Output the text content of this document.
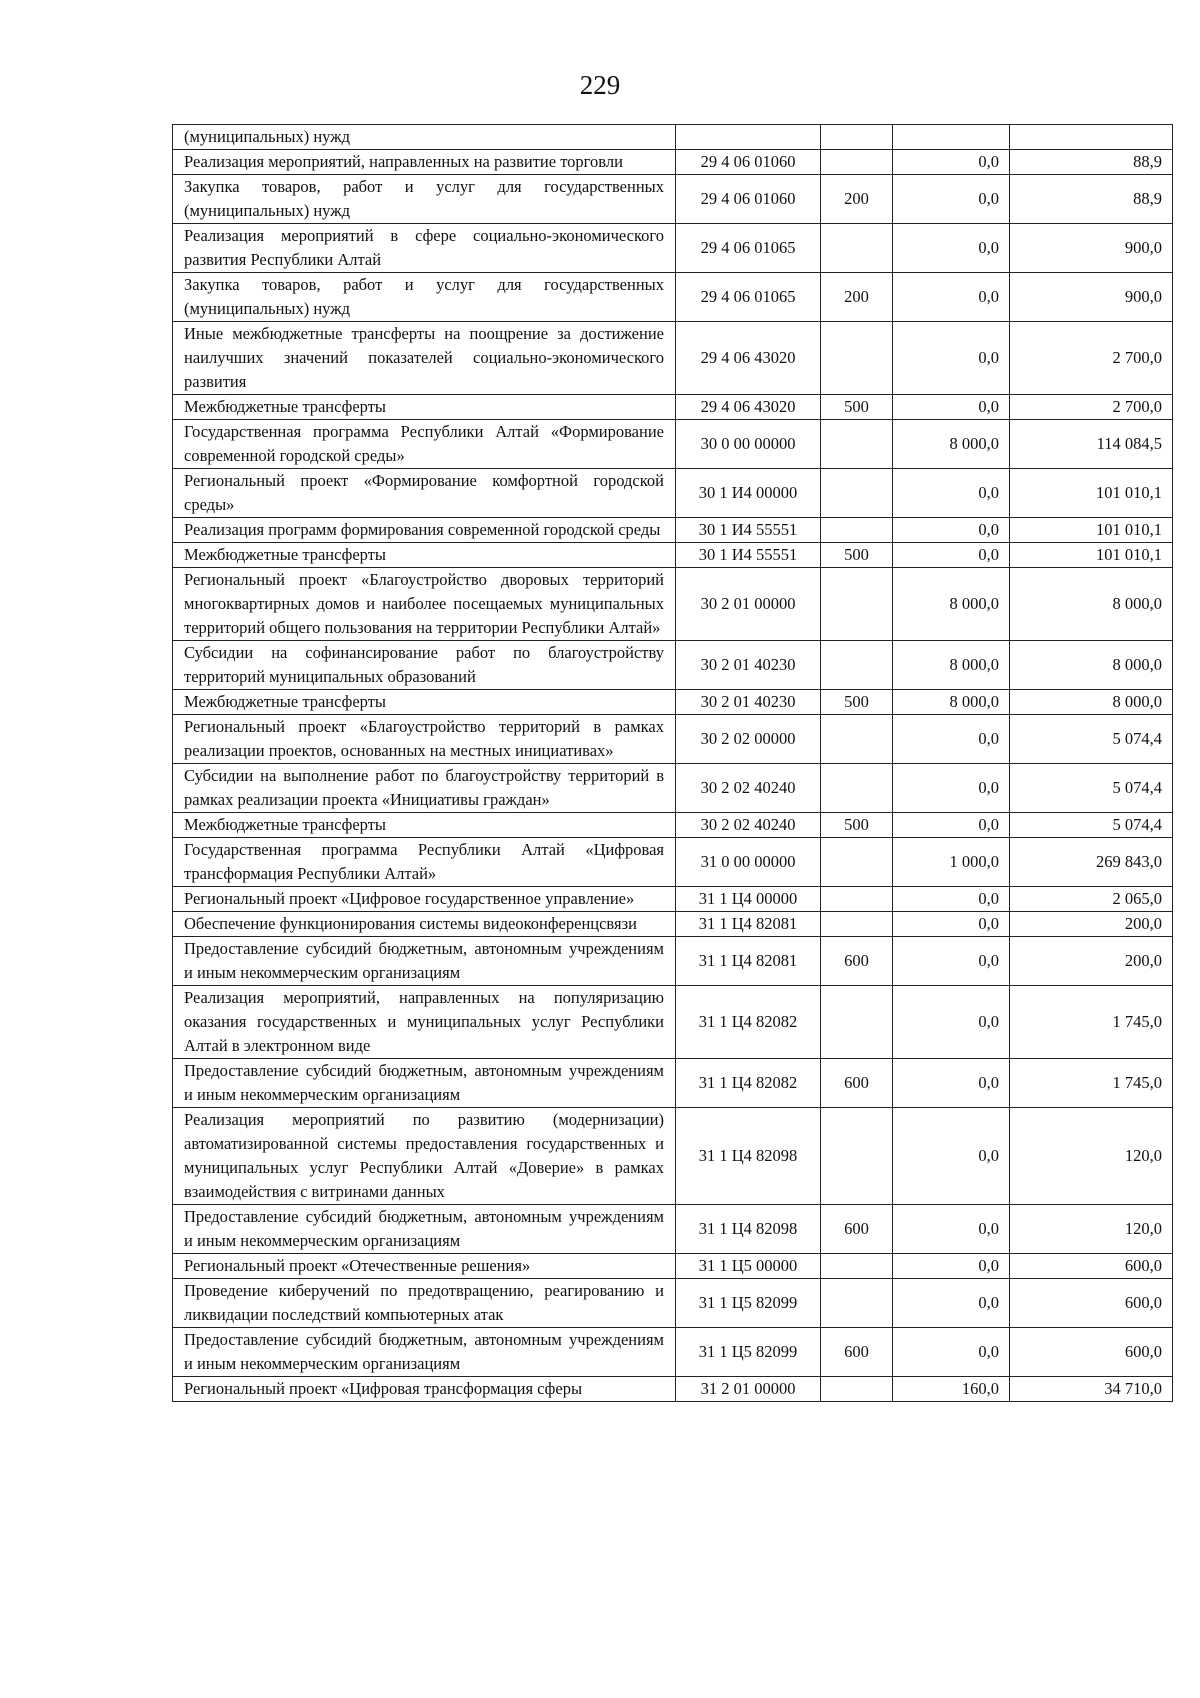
229
(муниципальных) нужд				
Реализация мероприятий, направленных на развитие торговли	29 4 06 01060		0,0	88,9
Закупка товаров, работ и услуг для государственных (муниципальных) нужд	29 4 06 01060	200	0,0	88,9
Реализация мероприятий в сфере социально-экономического развития Республики Алтай	29 4 06 01065		0,0	900,0
Закупка товаров, работ и услуг для государственных (муниципальных) нужд	29 4 06 01065	200	0,0	900,0
Иные межбюджетные трансферты на поощрение за достижение наилучших значений показателей социально-экономического развития	29 4 06 43020		0,0	2 700,0
Межбюджетные трансферты	29 4 06 43020	500	0,0	2 700,0
Государственная программа Республики Алтай «Формирование современной городской среды»	30 0 00 00000		8 000,0	114 084,5
Региональный проект «Формирование комфортной городской среды»	30 1 И4 00000		0,0	101 010,1
Реализация программ формирования современной городской среды	30 1 И4 55551		0,0	101 010,1
Межбюджетные трансферты	30 1 И4 55551	500	0,0	101 010,1
Региональный проект «Благоустройство дворовых территорий многоквартирных домов и наиболее посещаемых муниципальных территорий общего пользования на территории Республики Алтай»	30 2 01 00000		8 000,0	8 000,0
Субсидии на софинансирование работ по благоустройству территорий муниципальных образований	30 2 01 40230		8 000,0	8 000,0
Межбюджетные трансферты	30 2 01 40230	500	8 000,0	8 000,0
Региональный проект «Благоустройство территорий в рамках реализации проектов, основанных на местных инициативах»	30 2 02 00000		0,0	5 074,4
Субсидии на выполнение работ по благоустройству территорий в рамках реализации проекта «Инициативы граждан»	30 2 02 40240		0,0	5 074,4
Межбюджетные трансферты	30 2 02 40240	500	0,0	5 074,4
Государственная программа Республики Алтай «Цифровая трансформация Республики Алтай»	31 0 00 00000		1 000,0	269 843,0
Региональный проект «Цифровое государственное управление»	31 1 Ц4 00000		0,0	2 065,0
Обеспечение функционирования системы видеоконференцсвязи	31 1 Ц4 82081		0,0	200,0
Предоставление субсидий бюджетным, автономным учреждениям и иным некоммерческим организациям	31 1 Ц4 82081	600	0,0	200,0
Реализация мероприятий, направленных на популяризацию оказания государственных и муниципальных услуг Республики Алтай в электронном виде	31 1 Ц4 82082		0,0	1 745,0
Предоставление субсидий бюджетным, автономным учреждениям и иным некоммерческим организациям	31 1 Ц4 82082	600	0,0	1 745,0
Реализация мероприятий по развитию (модернизации) автоматизированной системы предоставления государственных и муниципальных услуг Республики Алтай «Доверие» в рамках взаимодействия с витринами данных	31 1 Ц4 82098		0,0	120,0
Предоставление субсидий бюджетным, автономным учреждениям и иным некоммерческим организациям	31 1 Ц4 82098	600	0,0	120,0
Региональный проект «Отечественные решения»	31 1 Ц5 00000		0,0	600,0
Проведение киберучений по предотвращению, реагированию и ликвидации последствий компьютерных атак	31 1 Ц5 82099		0,0	600,0
Предоставление субсидий бюджетным, автономным учреждениям и иным некоммерческим организациям	31 1 Ц5 82099	600	0,0	600,0
Региональный проект «Цифровая трансформация сферы	31 2 01 00000		160,0	34 710,0
